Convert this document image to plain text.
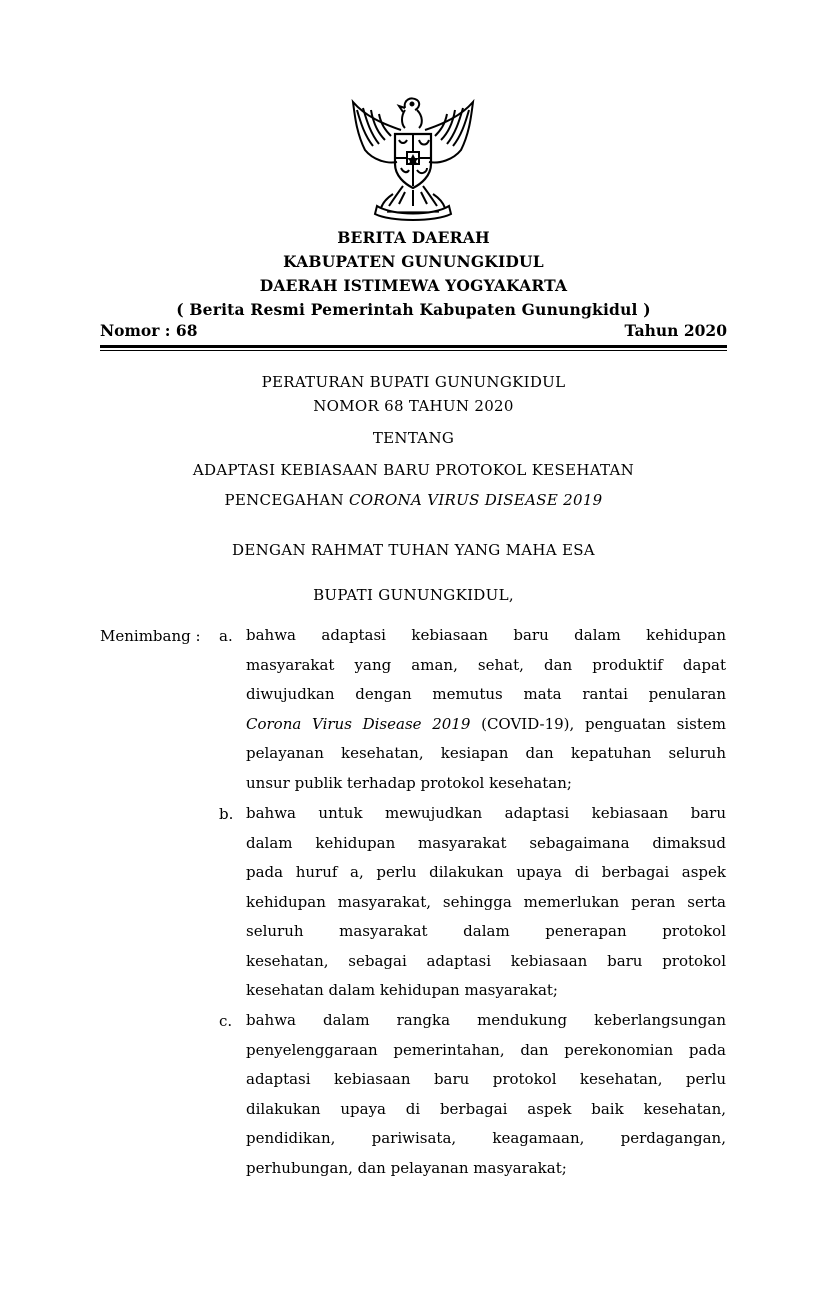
BERITA DAERAH
KABUPATEN GUNUNGKIDUL
DAERAH ISTIMEWA YOGYAKARTA
( Berita Resmi Pemerintah Kabupaten Gunungkidul )
Nomor : 68	Tahun 2020
PERATURAN BUPATI GUNUNGKIDUL
NOMOR 68 TAHUN 2020
TENTANG
ADAPTASI KEBIASAAN BARU PROTOKOL KESEHATAN
PENCEGAHAN CORONA VIRUS DISEASE 2019
DENGAN RAHMAT TUHAN YANG MAHA ESA
BUPATI GUNUNGKIDUL,
Menimbang : a. bahwa adaptasi kebiasaan baru dalam kehidupan
masyarakat yang aman, sehat, dan produktif dapat
diwujudkan dengan memutus mata rantai penularan
Corona Virus Disease 2019 (COVID-19), penguatan sistem
pelayanan kesehatan, kesiapan dan kepatuhan seluruh
unsur publik terhadap protokol kesehatan;
b. bahwa untuk mewujudkan adaptasi kebiasaan baru
dalam kehidupan masyarakat sebagaimana dimaksud
pada huruf a, perlu dilakukan upaya di berbagai aspek
kehidupan masyarakat, sehingga memerlukan peran serta
seluruh masyarakat dalam penerapan protokol
kesehatan, sebagai adaptasi kebiasaan baru protokol
kesehatan dalam kehidupan masyarakat;
c. bahwa dalam rangka mendukung keberlangsungan
penyelenggaraan pemerintahan, dan perekonomian pada
adaptasi kebiasaan baru protokol kesehatan, perlu
dilakukan upaya di berbagai aspek baik kesehatan,
pendidikan, pariwisata, keagamaan, perdagangan,
perhubungan, dan pelayanan masyarakat;
